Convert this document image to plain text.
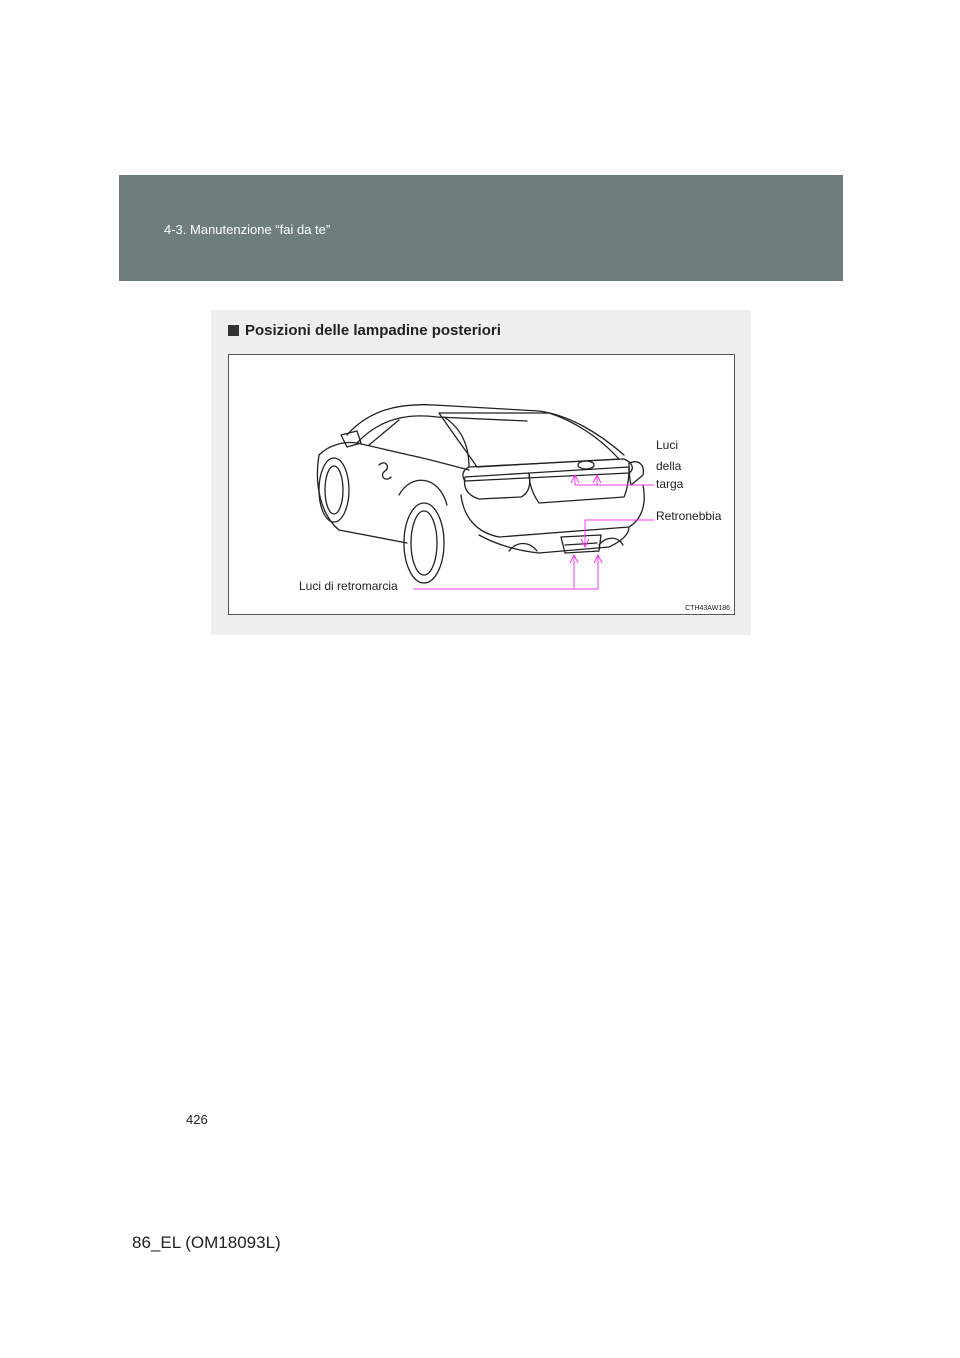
4-3. Manutenzione “fai da te”
Posizioni delle lampadine posteriori
Luci
della
targa
Retronebbia
Luci di retromarcia
CTH43AW186
426
86_EL (OM18093L)
